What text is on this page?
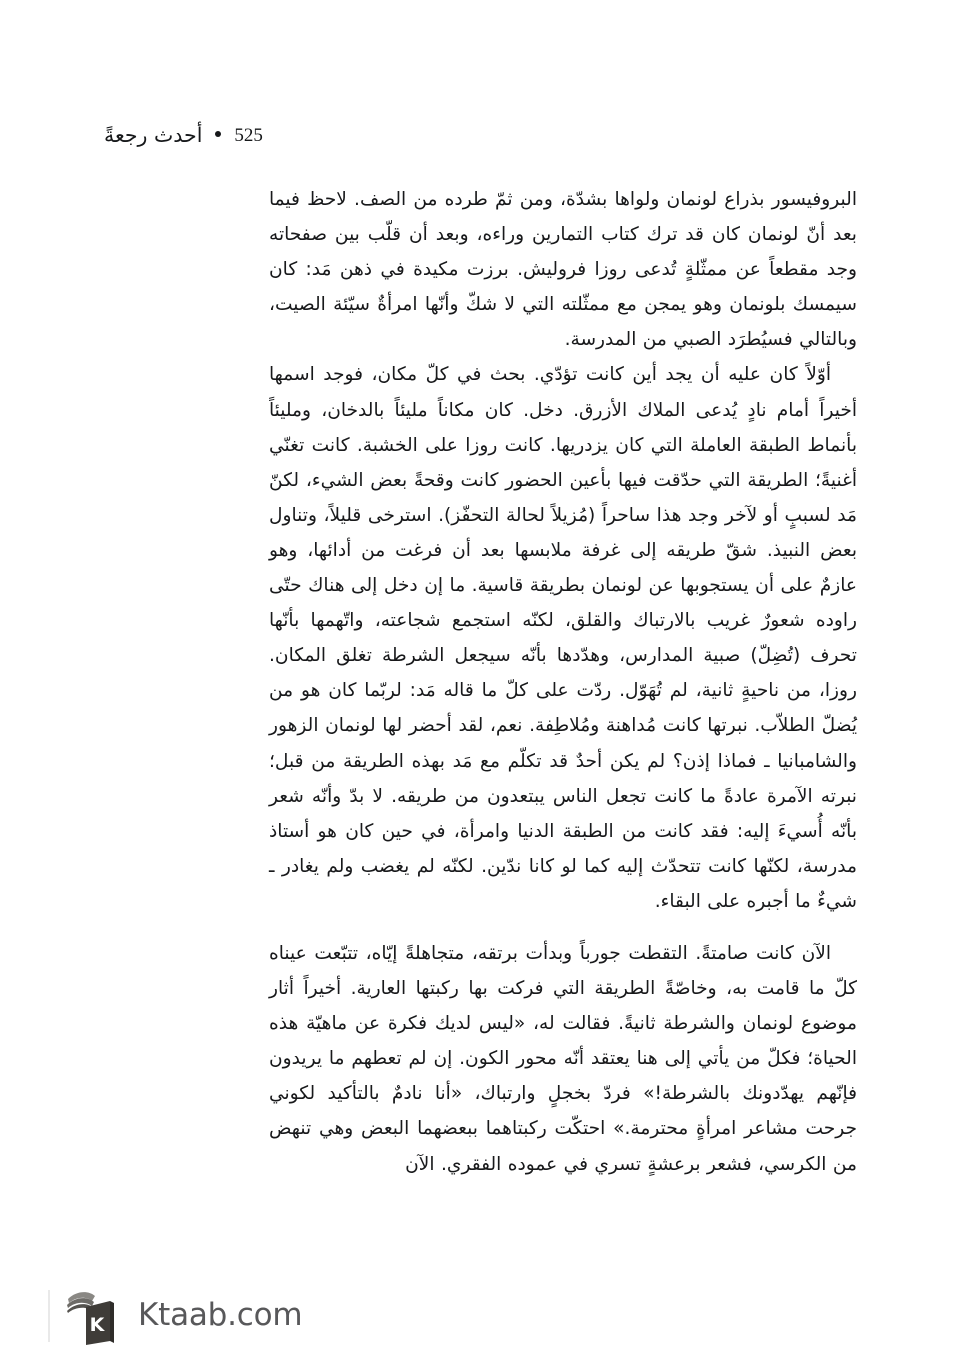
أحدث رجعةً 525

البروفيسور بذراع لونمان ولواها بشدّة، ومن ثمّ طرده من الصف. لاحظ فيما بعد أنّ لونمان كان قد ترك كتاب التمارين وراءه، وبعد أن قلّب بين صفحاته وجد مقطعاً عن ممثّلةٍ تُدعى روزا فروليش. برزت مكيدة في ذهن مَد: كان سيمسك بلونمان وهو يمجن مع ممثّلته التي لا شكّ وأنّها امرأةٌ سيّئة الصيت، وبالتالي فسيُطرَد الصبي من المدرسة.

أوّلاً كان عليه أن يجد أين كانت تؤدّي. بحث في كلّ مكان، فوجد اسمها أخيراً أمام نادٍ يُدعى الملاك الأزرق. دخل. كان مكاناً مليئاً بالدخان، ومليئاً بأنماط الطبقة العاملة التي كان يزدريها. كانت روزا على الخشبة. كانت تغنّي أغنيةً؛ الطريقة التي حدّقت فيها بأعين الحضور كانت وقحةً بعض الشيء، لكنّ مَد لسببٍ أو لآخر وجد هذا ساحراً (مُزيلاً لحالة التحفّز). استرخى قليلاً، وتناول بعض النبيذ. شقّ طريقه إلى غرفة ملابسها بعد أن فرغت من أدائها، وهو عازمٌ على أن يستجوبها عن لونمان بطريقة قاسية. ما إن دخل إلى هناك حتّى راوده شعورٌ غريب بالارتباك والقلق، لكنّه استجمع شجاعته، واتّهمها بأنّها تحرف (تُضِلّ) صبية المدارس، وهدّدها بأنّه سيجعل الشرطة تغلق المكان. روزا، من ناحيةٍ ثانية، لم تُهَوّل. ردّت على كلّ ما قاله مَد: لربّما كان هو من يُضلّ الطلاّب. نبرتها كانت مُداهنة ومُلاطِفة. نعم، لقد أحضر لها لونمان الزهور والشامبانيا ـ فماذا إذن؟ لم يكن أحدٌ قد تكلّم مع مَد بهذه الطريقة من قبل؛ نبرته الآمرة عادةً ما كانت تجعل الناس يبتعدون من طريقه. لا بدّ وأنّه شعر بأنّه أُسيءَ إليه: فقد كانت من الطبقة الدنيا وامرأة، في حين كان هو أستاذ مدرسة، لكنّها كانت تتحدّث إليه كما لو كانا ندّين. لكنّه لم يغضب ولم يغادر ـ شيءٌ ما أجبره على البقاء.

الآن كانت صامتةً. التقطت جورباً وبدأت برتقه، متجاهلةً إيّاه، تتبّعت عيناه كلّ ما قامت به، وخاصّةً الطريقة التي فركت بها ركبتها العارية. أخيراً أثار موضوع لونمان والشرطة ثانيةً. فقالت له، «ليس لديك فكرة عن ماهيّة هذه الحياة؛ فكلّ من يأتي إلى هنا يعتقد أنّه محور الكون. إن لم تعطهم ما يريدون فإنّهم يهدّدونك بالشرطة!» فردّ بخجلٍ وارتباك، «أنا نادمٌ بالتأكيد لكوني جرحت مشاعر امرأةٍ محترمة.» احتكّت ركبتاهما ببعضهما البعض وهي تنهض من الكرسي، فشعر برعشةٍ تسري في عموده الفقري. الآن

K Ktaab.com
